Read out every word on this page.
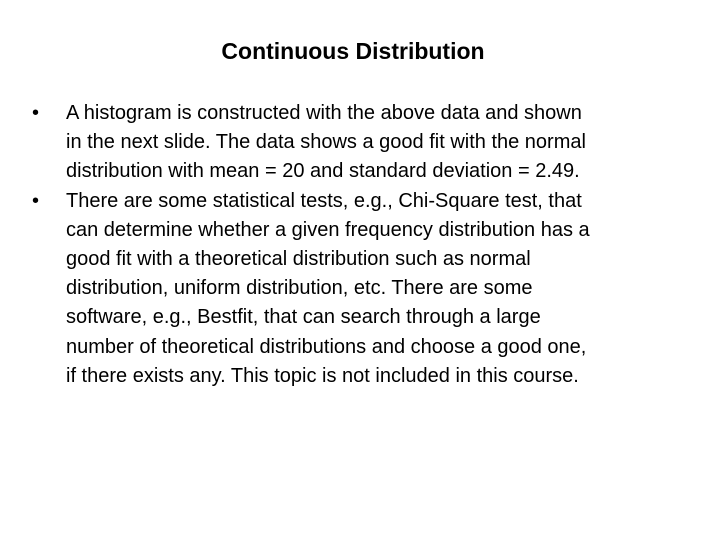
Continuous Distribution
•	A histogram is constructed with the above data and shown
in the next slide. The data shows a good fit with the normal
distribution with mean = 20 and standard deviation = 2.49.
•	There are some statistical tests, e.g., Chi-Square test, that
can determine whether a given frequency distribution has a
good fit with a theoretical distribution such as normal
distribution, uniform distribution, etc. There are some
software, e.g., Bestfit, that can search through a large
number of theoretical distributions and choose a good one,
if there exists any. This topic is not included in this course.
